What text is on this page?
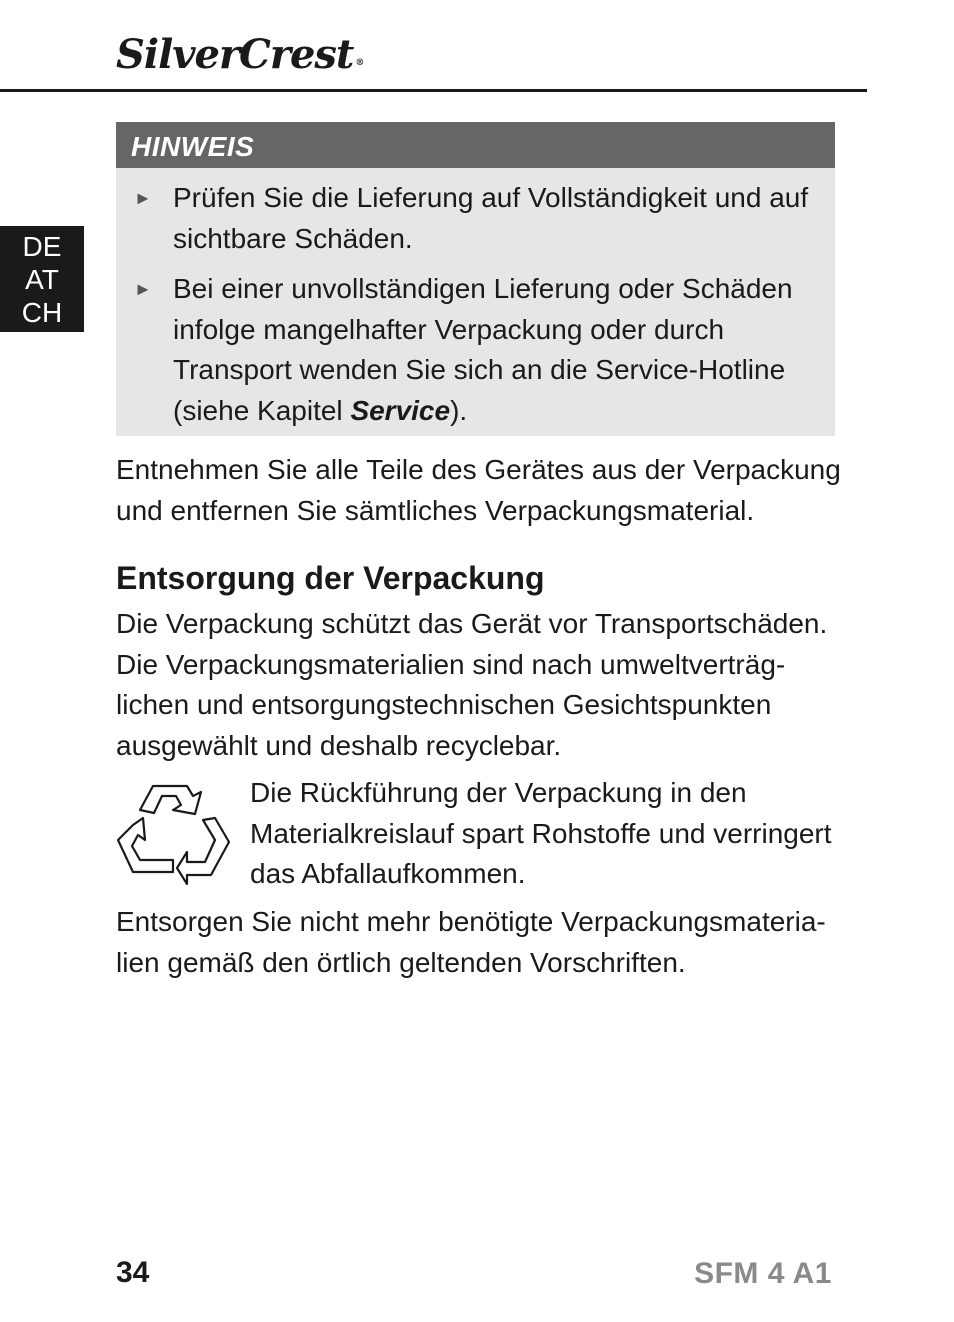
SilverCrest ®
DE
AT
CH
HINWEIS
► Prüfen Sie die Lieferung auf Vollständigkeit und auf sichtbare Schäden.
► Bei einer unvollständigen Lieferung oder Schäden infolge mangelhafter Verpackung oder durch Transport wenden Sie sich an die Service-Hotline (siehe Kapitel Service).

Entnehmen Sie alle Teile des Gerätes aus der Verpackung und entfernen Sie sämtliches Verpackungsmaterial.

Entsorgung der Verpackung

Die Verpackung schützt das Gerät vor Transportschäden. Die Verpackungsmaterialien sind nach umweltverträglichen und entsorgungstechnischen Gesichtspunkten ausgewählt und deshalb recyclebar.

Die Rückführung der Verpackung in den Materialkreislauf spart Rohstoffe und verringert das Abfallaufkommen.

Entsorgen Sie nicht mehr benötigte Verpackungsmaterialien gemäß den örtlich geltenden Vorschriften.

34	SFM 4 A1
